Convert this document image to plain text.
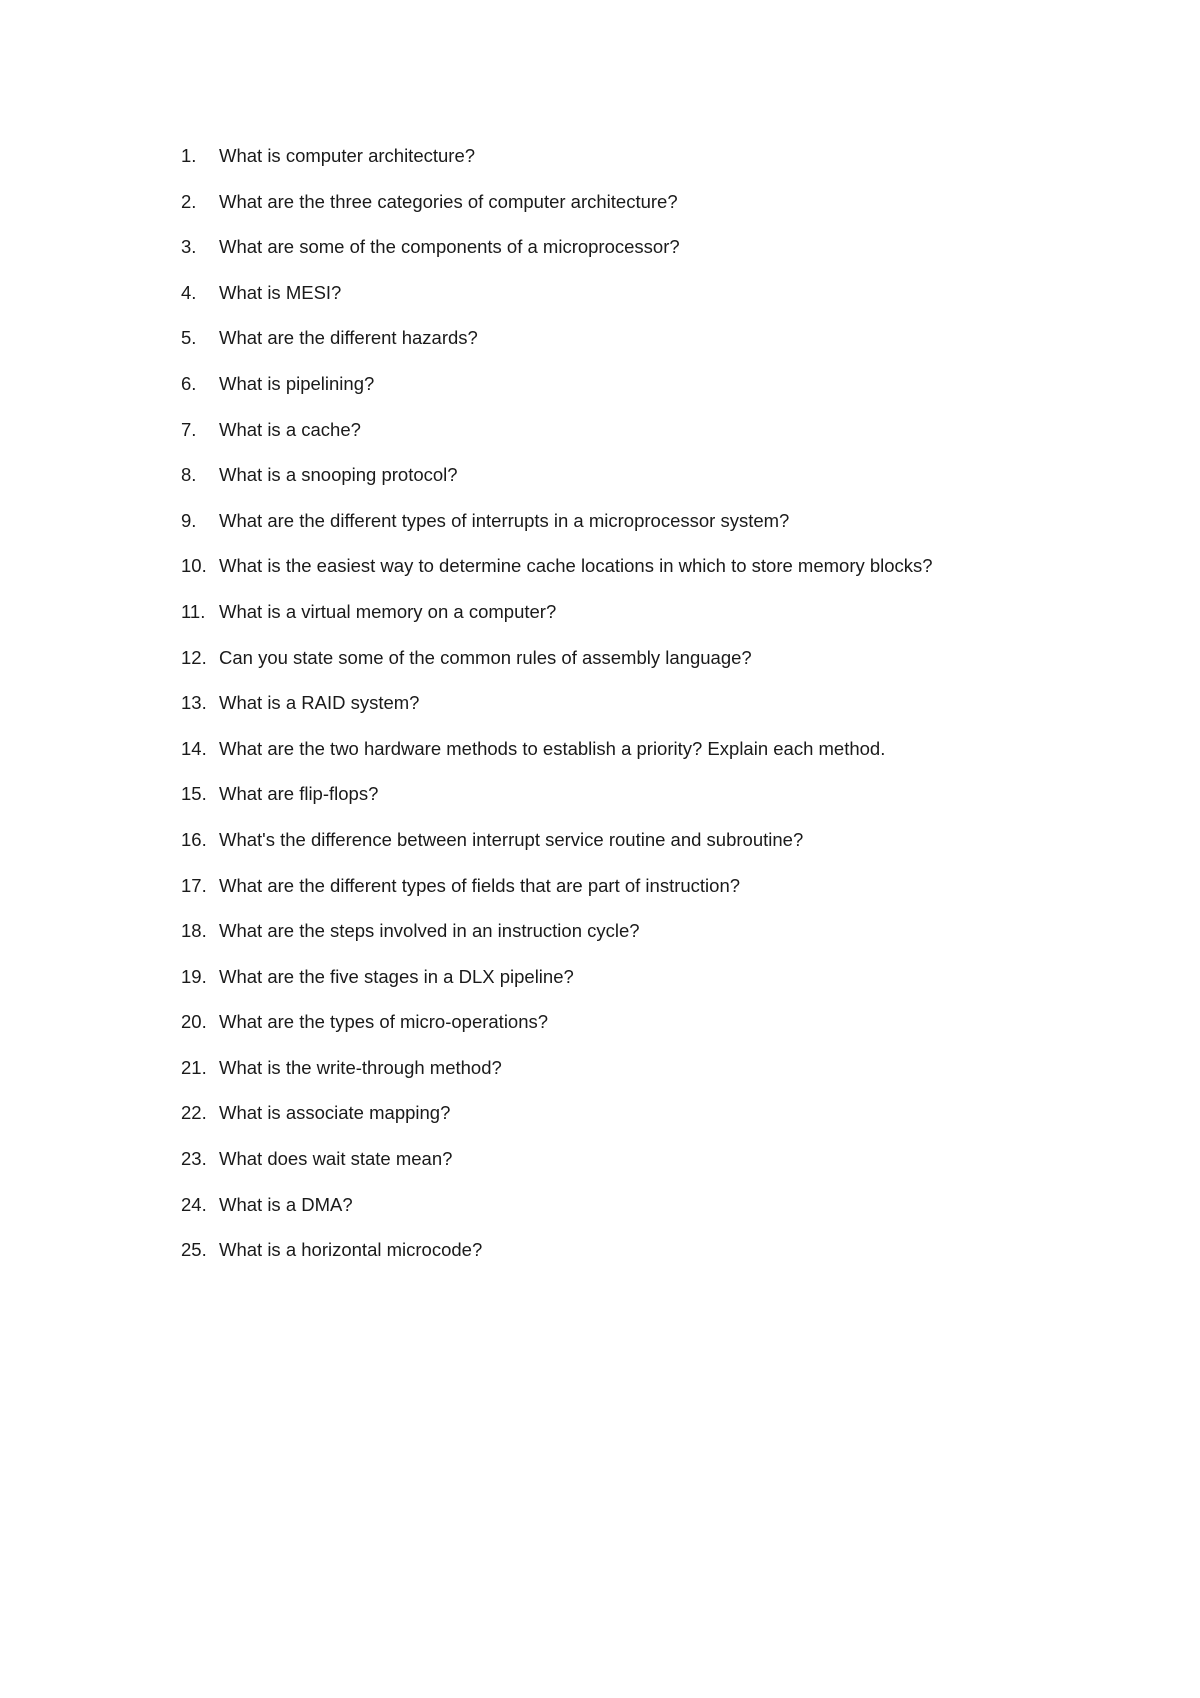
1.	What is computer architecture?
2.	What are the three categories of computer architecture?
3.	What are some of the components of a microprocessor?
4.	What is MESI?
5.	What are the different hazards?
6.	What is pipelining?
7.	What is a cache?
8.	What is a snooping protocol?
9.	What are the different types of interrupts in a microprocessor system?
10. What is the easiest way to determine cache locations in which to store memory blocks?
11. What is a virtual memory on a computer?
12. Can you state some of the common rules of assembly language?
13. What is a RAID system?
14. What are the two hardware methods to establish a priority? Explain each method.
15. What are flip-flops?
16. What's the difference between interrupt service routine and subroutine?
17. What are the different types of fields that are part of instruction?
18. What are the steps involved in an instruction cycle?
19. What are the five stages in a DLX pipeline?
20. What are the types of micro-operations?
21. What is the write-through method?
22. What is associate mapping?
23. What does wait state mean?
24. What is a DMA?
25. What is a horizontal microcode?
